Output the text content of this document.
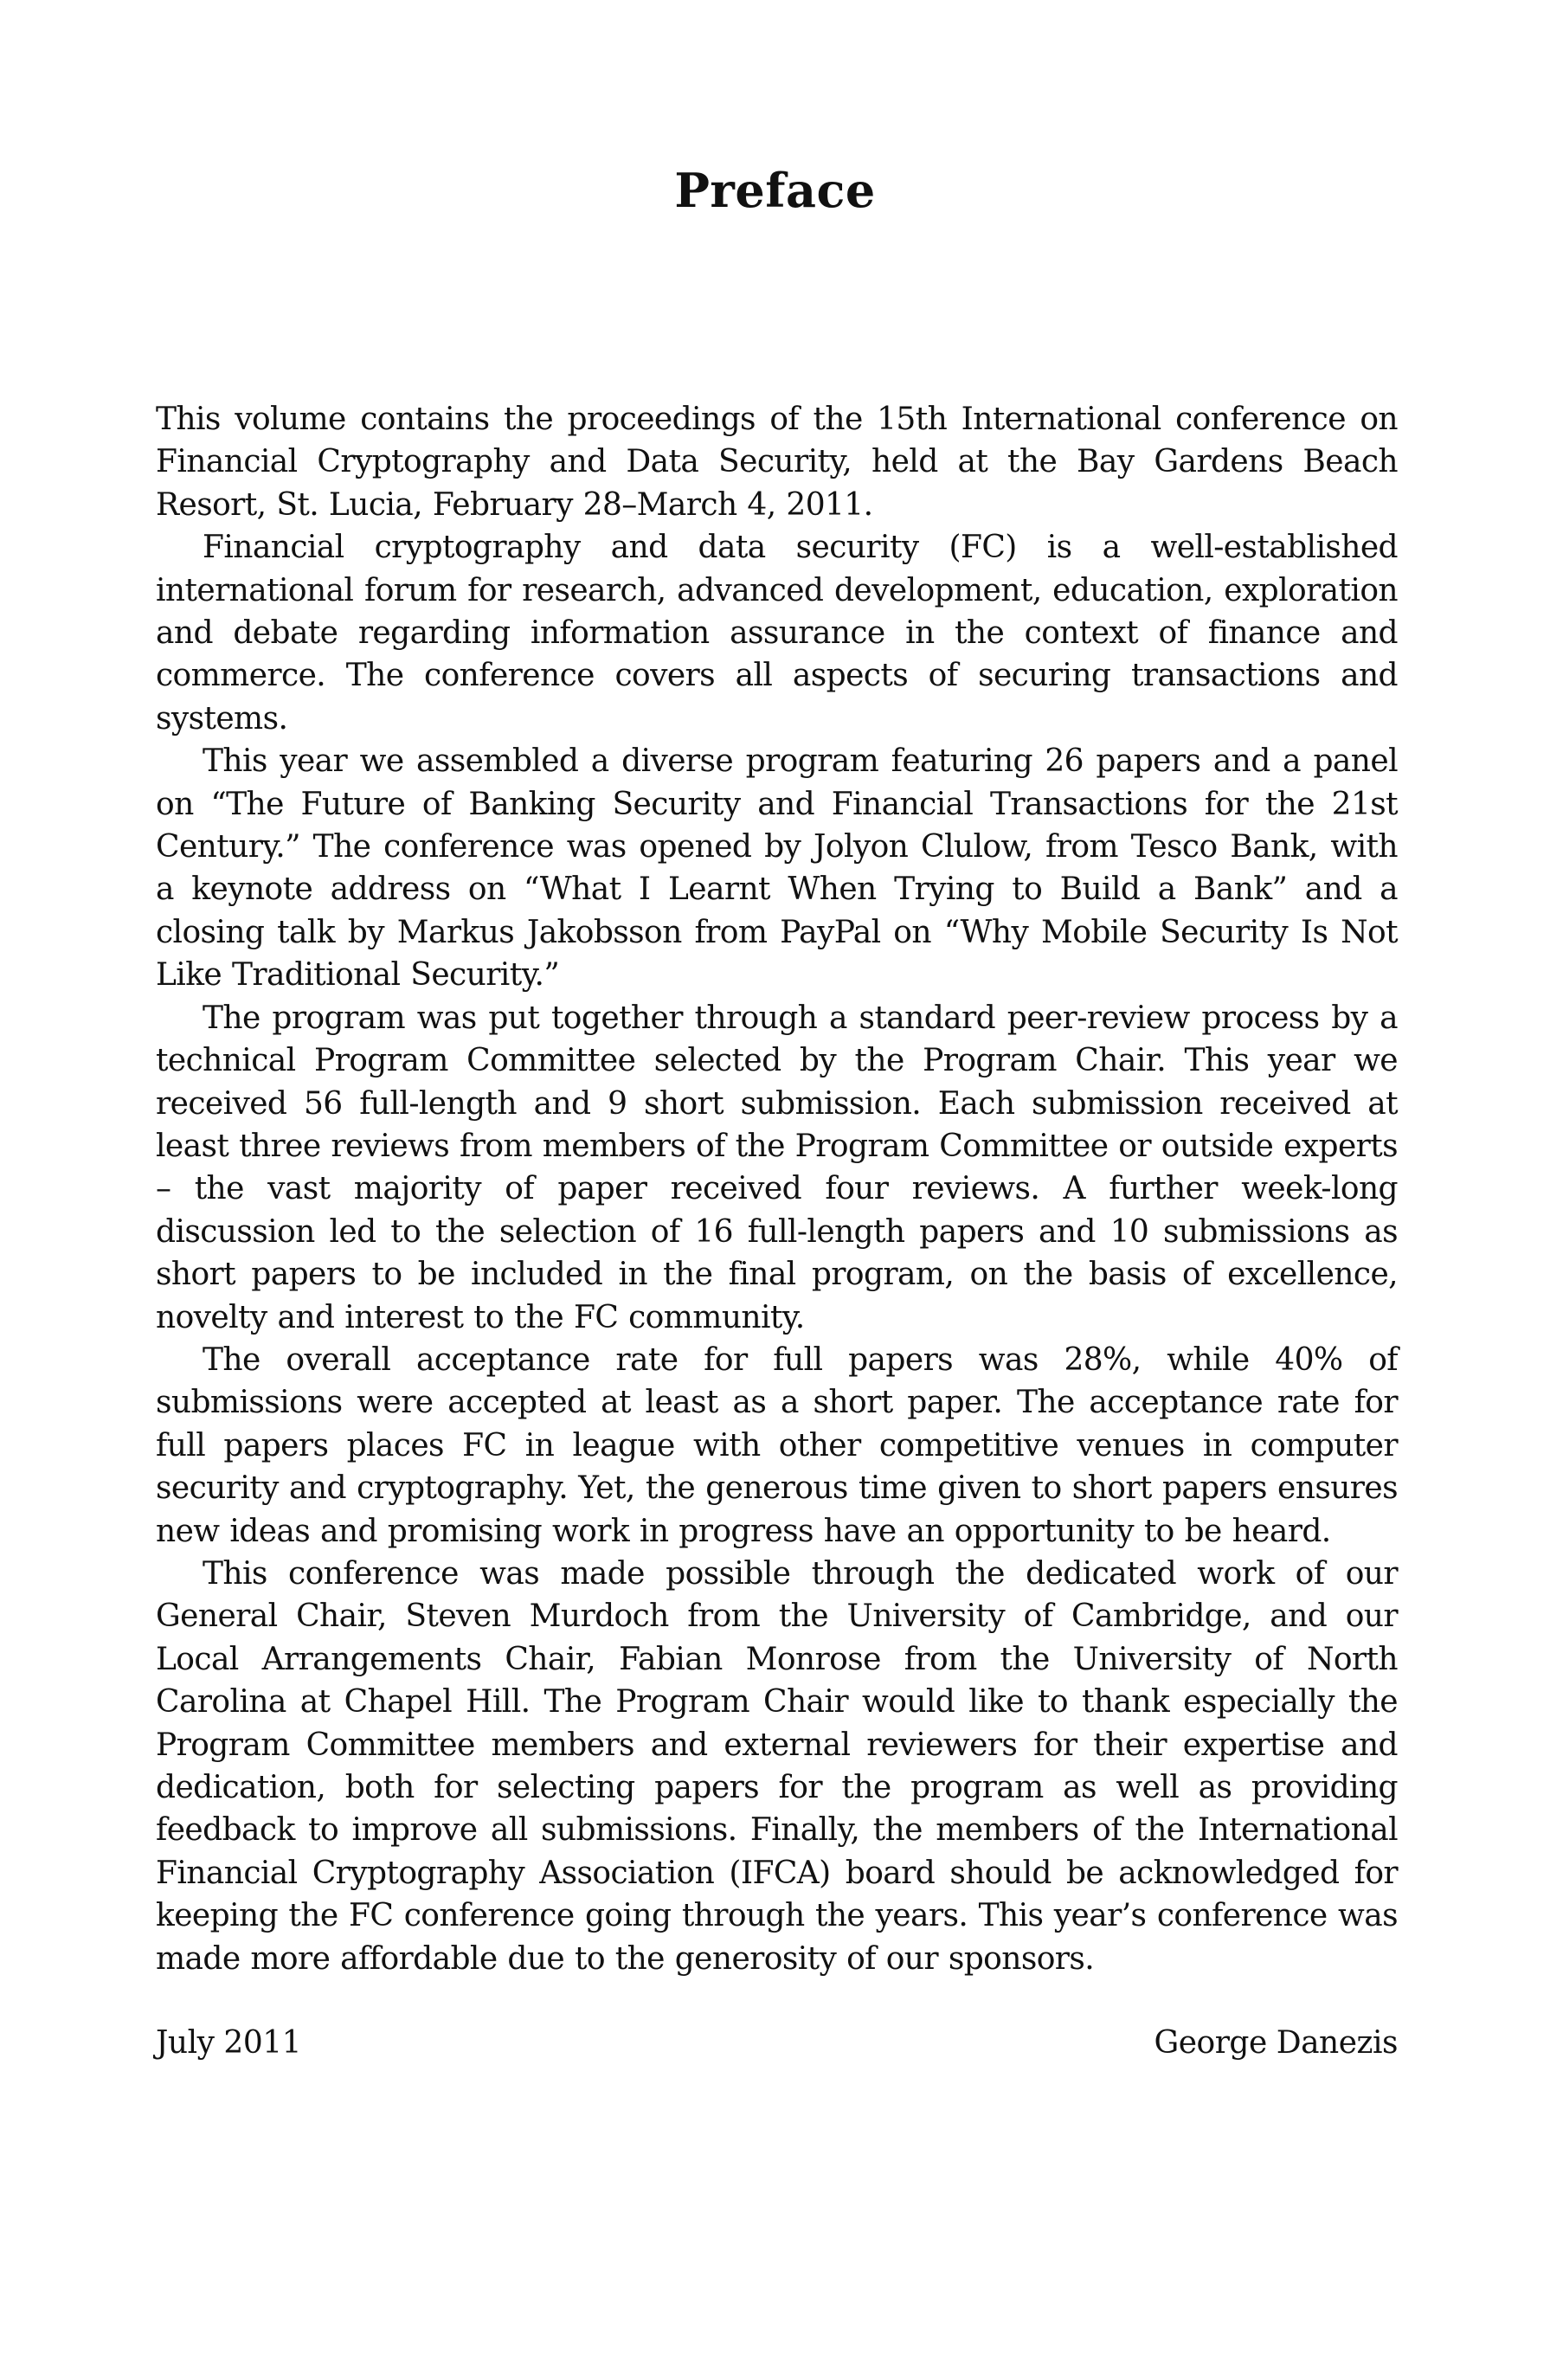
Preface

This volume contains the proceedings of the 15th International conference on Financial Cryptography and Data Security, held at the Bay Gardens Beach Resort, St. Lucia, February 28–March 4, 2011.

Financial cryptography and data security (FC) is a well-established international forum for research, advanced development, education, exploration and debate regarding information assurance in the context of finance and commerce. The conference covers all aspects of securing transactions and systems.

This year we assembled a diverse program featuring 26 papers and a panel on “The Future of Banking Security and Financial Transactions for the 21st Century.” The conference was opened by Jolyon Clulow, from Tesco Bank, with a keynote address on “What I Learnt When Trying to Build a Bank” and a closing talk by Markus Jakobsson from PayPal on “Why Mobile Security Is Not Like Traditional Security.”

The program was put together through a standard peer-review process by a technical Program Committee selected by the Program Chair. This year we received 56 full-length and 9 short submission. Each submission received at least three reviews from members of the Program Committee or outside experts – the vast majority of paper received four reviews. A further week-long discussion led to the selection of 16 full-length papers and 10 submissions as short papers to be included in the final program, on the basis of excellence, novelty and interest to the FC community.

The overall acceptance rate for full papers was 28%, while 40% of submissions were accepted at least as a short paper. The acceptance rate for full papers places FC in league with other competitive venues in computer security and cryptography. Yet, the generous time given to short papers ensures new ideas and promising work in progress have an opportunity to be heard.

This conference was made possible through the dedicated work of our General Chair, Steven Murdoch from the University of Cambridge, and our Local Arrangements Chair, Fabian Monrose from the University of North Carolina at Chapel Hill. The Program Chair would like to thank especially the Program Committee members and external reviewers for their expertise and dedication, both for selecting papers for the program as well as providing feedback to improve all submissions. Finally, the members of the International Financial Cryptography Association (IFCA) board should be acknowledged for keeping the FC conference going through the years. This year’s conference was made more affordable due to the generosity of our sponsors.

July 2011	George Danezis
